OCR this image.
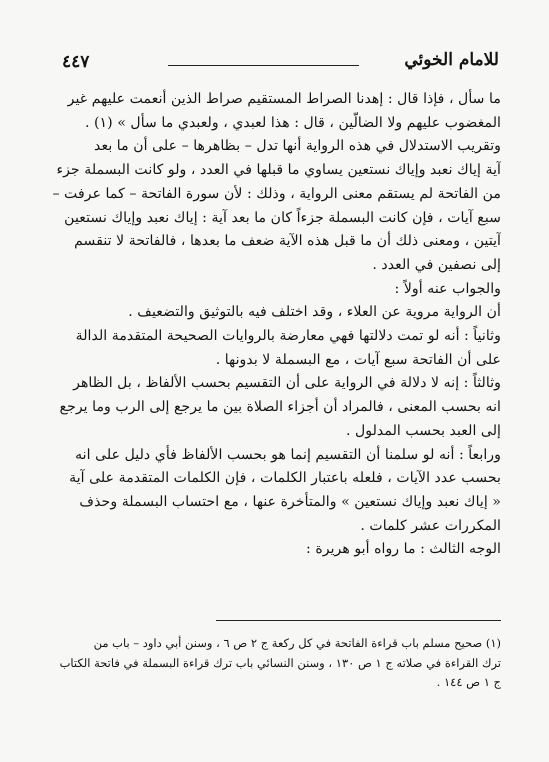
٤٤٧	للامام الخوئي
ما سأل ، فإذا قال : إهدنا الصراط المستقيم صراط الذين أنعمت عليهم غير
المغضوب عليهم ولا الضالّين ، قال : هذا لعبدي ، ولعبدي ما سأل » (١) .
وتقريب الاستدلال في هذه الرواية أنها تدل – بظاهرها – على أن ما بعد
آية إياك نعبد وإياك نستعين يساوي ما قبلها في العدد ، ولو كانت البسملة جزء
من الفاتحة لم يستقم معنى الرواية ، وذلك : لأن سورة الفاتحة – كما عرفت –
سبع آيات ، فإن كانت البسملة جزءاً كان ما بعد آية : إياك نعبد وإياك نستعين
آيتين ، ومعنى ذلك أن ما قبل هذه الآية ضعف ما بعدها ، فالفاتحة لا تنقسم
إلى نصفين في العدد .
والجواب عنه أولاً :
أن الرواية مروية عن العلاء ، وقد اختلف فيه بالتوثيق والتضعيف .
وثانياً : أنه لو تمت دلالتها فهي معارضة بالروايات الصحيحة المتقدمة الدالة
على أن الفاتحة سبع آيات ، مع البسملة لا بدونها .
وثالثاً : إنه لا دلالة في الرواية على أن التقسيم بحسب الألفاظ ، بل الظاهر
انه بحسب المعنى ، فالمراد أن أجزاء الصلاة بين ما يرجع إلى الرب وما يرجع
إلى العبد بحسب المدلول .
ورابعاً : أنه لو سلمنا أن التقسيم إنما هو بحسب الألفاظ فأي دليل على انه
بحسب عدد الآيات ، فلعله باعتبار الكلمات ، فإن الكلمات المتقدمة على آية
« إياك نعبد وإياك نستعين » والمتأخرة عنها ، مع احتساب البسملة وحذف
المكررات عشر كلمات .
الوجه الثالث : ما رواه أبو هريرة :
(١) صحيح مسلم باب قراءة الفاتحة في كل ركعة ج ٢ ص ٦ ، وسنن أبي داود – باب من
ترك القراءة في صلاته ج ١ ص ١٣٠ ، وسنن النسائي باب ترك قراءة البسملة في فاتحة الكتاب
ج ١ ص ١٤٤ .
